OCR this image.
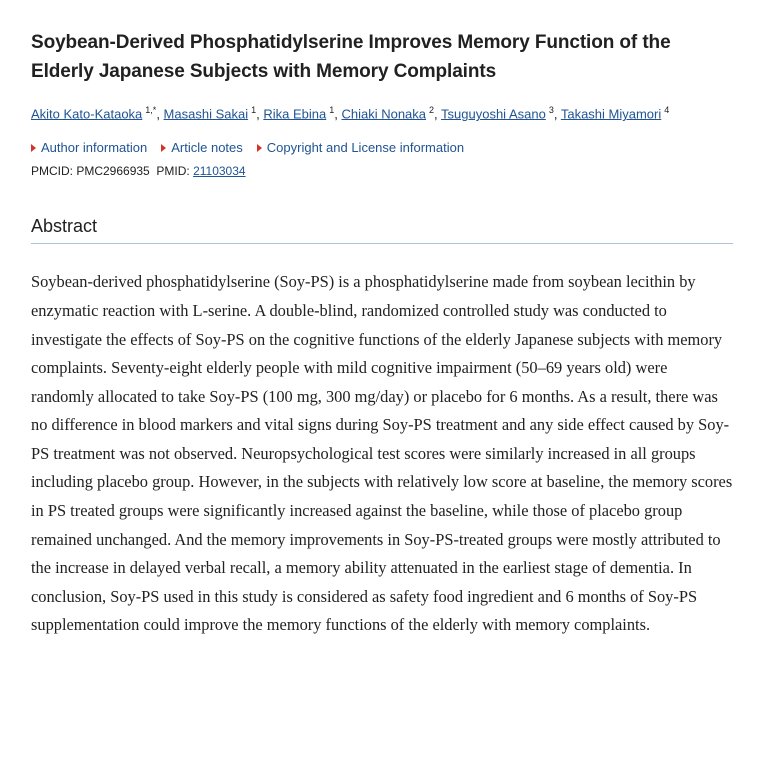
Soybean-Derived Phosphatidylserine Improves Memory Function of the Elderly Japanese Subjects with Memory Complaints
Akito Kato-Kataoka $^{1,*}$, Masashi Sakai $^1$, Rika Ebina $^1$, Chiaki Nonaka $^2$, Tsuguyoshi Asano $^3$, Takashi Miyamori $^4$
Author information Article notes Copyright and License information
PMCID: PMC2966935 PMID: 21103034
Abstract

Soybean-derived phosphatidylserine (Soy-PS) is a phosphatidylserine made from soybean lecithin by enzymatic reaction with L-serine. A double-blind, randomized controlled study was conducted to investigate the effects of Soy-PS on the cognitive functions of the elderly Japanese subjects with memory complaints. Seventy-eight elderly people with mild cognitive impairment (50–69 years old) were randomly allocated to take Soy-PS (100 mg, 300 mg/day) or placebo for 6 months. As a result, there was no difference in blood markers and vital signs during Soy-PS treatment and any side effect caused by Soy-PS treatment was not observed. Neuropsychological test scores were similarly increased in all groups including placebo group. However, in the subjects with relatively low score at baseline, the memory scores in PS treated groups were significantly increased against the baseline, while those of placebo group remained unchanged. And the memory improvements in Soy-PS-treated groups were mostly attributed to the increase in delayed verbal recall, a memory ability attenuated in the earliest stage of dementia. In conclusion, Soy-PS used in this study is considered as safety food ingredient and 6 months of Soy-PS supplementation could improve the memory functions of the elderly with memory complaints.
